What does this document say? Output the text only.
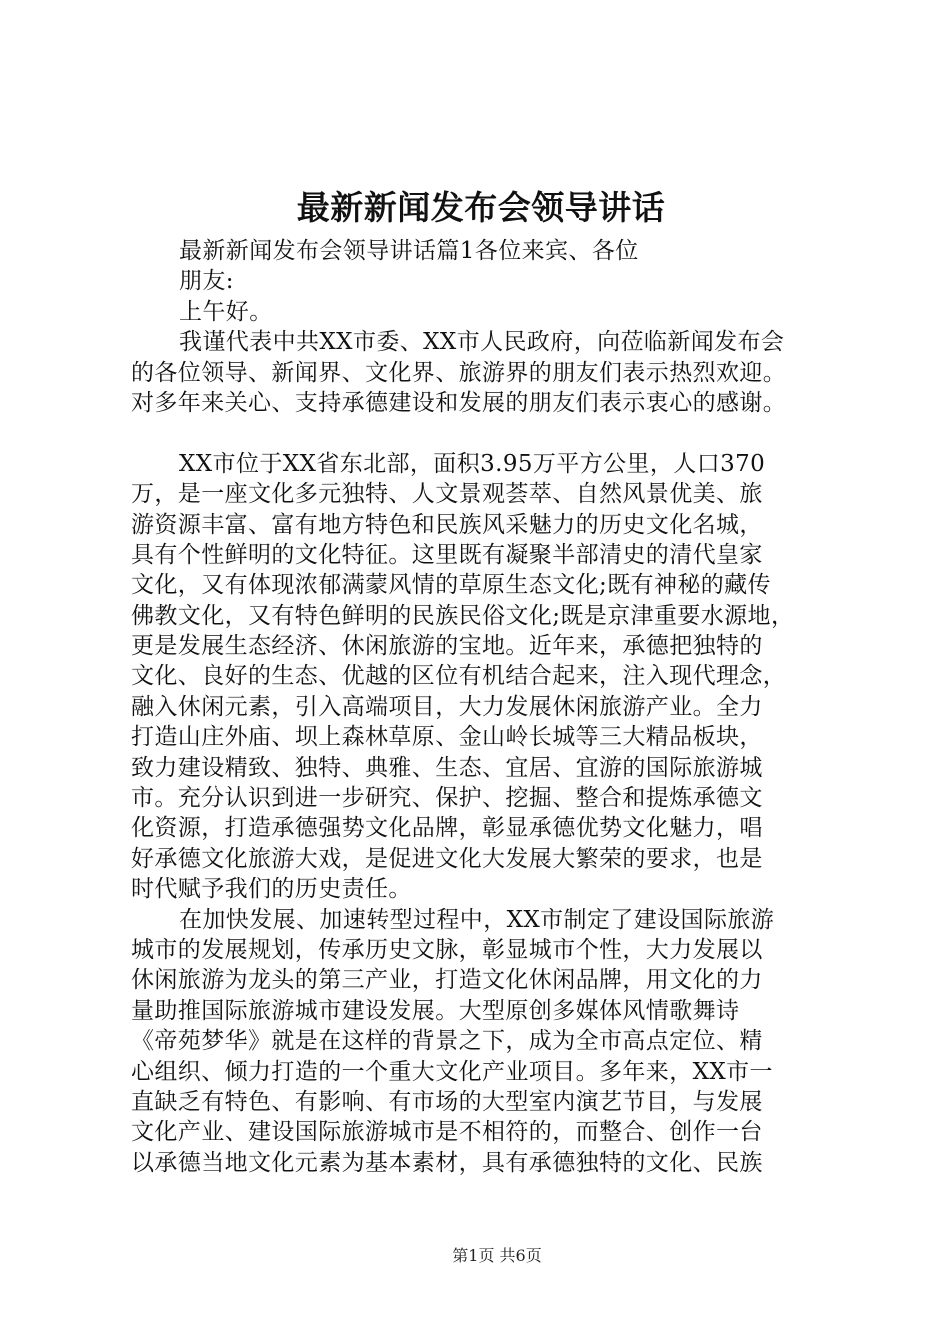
最新新闻发布会领导讲话
最新新闻发布会领导讲话篇1各位来宾、各位
朋友:
上午好。
我谨代表中共XX市委、XX市人民政府，向莅临新闻发布会
的各位领导、新闻界、文化界、旅游界的朋友们表示热烈欢迎。
对多年来关心、支持承德建设和发展的朋友们表示衷心的感谢。
XX市位于XX省东北部，面积3.95万平方公里，人口370
万，是一座文化多元独特、人文景观荟萃、自然风景优美、旅
游资源丰富、富有地方特色和民族风采魅力的历史文化名城，
具有个性鲜明的文化特征。这里既有凝聚半部清史的清代皇家
文化，又有体现浓郁满蒙风情的草原生态文化;既有神秘的藏传
佛教文化，又有特色鲜明的民族民俗文化;既是京津重要水源地，
更是发展生态经济、休闲旅游的宝地。近年来，承德把独特的
文化、良好的生态、优越的区位有机结合起来，注入现代理念，
融入休闲元素，引入高端项目，大力发展休闲旅游产业。全力
打造山庄外庙、坝上森林草原、金山岭长城等三大精品板块，
致力建设精致、独特、典雅、生态、宜居、宜游的国际旅游城
市。充分认识到进一步研究、保护、挖掘、整合和提炼承德文
化资源，打造承德强势文化品牌，彰显承德优势文化魅力，唱
好承德文化旅游大戏，是促进文化大发展大繁荣的要求，也是
时代赋予我们的历史责任。
在加快发展、加速转型过程中，XX市制定了建设国际旅游
城市的发展规划，传承历史文脉，彰显城市个性，大力发展以
休闲旅游为龙头的第三产业，打造文化休闲品牌，用文化的力
量助推国际旅游城市建设发展。大型原创多媒体风情歌舞诗
《帝苑梦华》就是在这样的背景之下，成为全市高点定位、精
心组织、倾力打造的一个重大文化产业项目。多年来，XX市一
直缺乏有特色、有影响、有市场的大型室内演艺节目，与发展
文化产业、建设国际旅游城市是不相符的，而整合、创作一台
以承德当地文化元素为基本素材，具有承德独特的文化、民族
第1页 共6页
